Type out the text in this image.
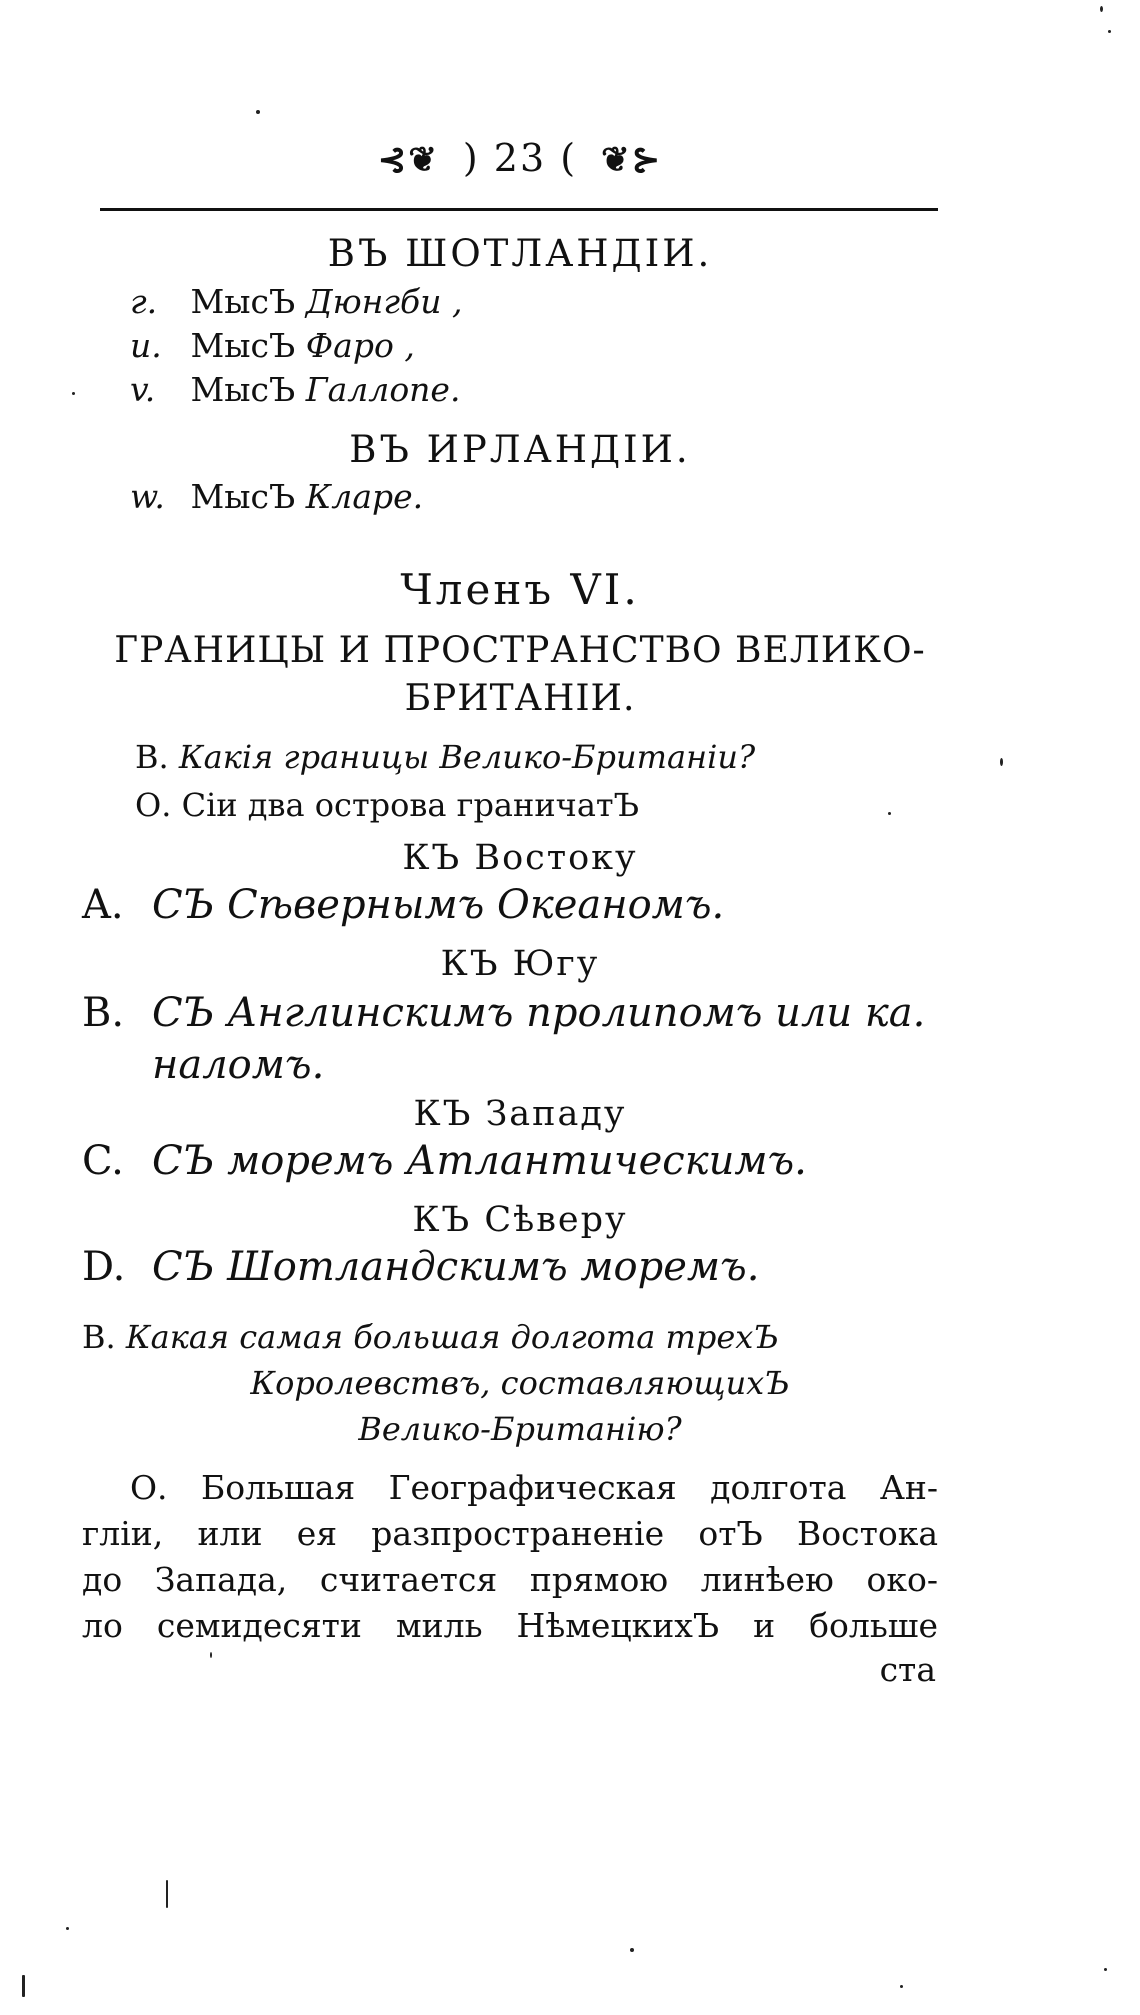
⊰❦ ) 23 ( ❦⊱
ВЪ ШОТЛАНДІИ.
г. МысЪ Дюнгби ,
и. МысЪ Фаро ,
v. МысЪ Галлопе.
ВЪ ИРЛАНДІИ.
w. МысЪ Кларе.
Членъ VI.
ГРАНИЦЫ И ПРОСТРАНСТВО ВЕЛИКО-
БРИТАНІИ.
В. Какія границы Велико-Британіи?
О. Сіи два острова граничатЪ
КЪ Востоку
A. СЪ Сѣвернымъ Океаномъ.
КЪ Югу
B. СЪ Англинскимъ пролипомъ или ка.
наломъ.
КЪ Западу
C. СЪ моремъ Атлантическимъ.
КЪ Сѣверу
D. СЪ Шотландскимъ моремъ.
В. Какая самая большая долгота трехЪ
Королевствъ, составляющихЪ
Велико-Британію?
О. Большая Географическая долгота Ан-
гліи, или ея разпространеніе отЪ Востока
до Запада, считается прямою линѣею око-
ло семидесяти миль НѣмецкихЪ и больше
ста
